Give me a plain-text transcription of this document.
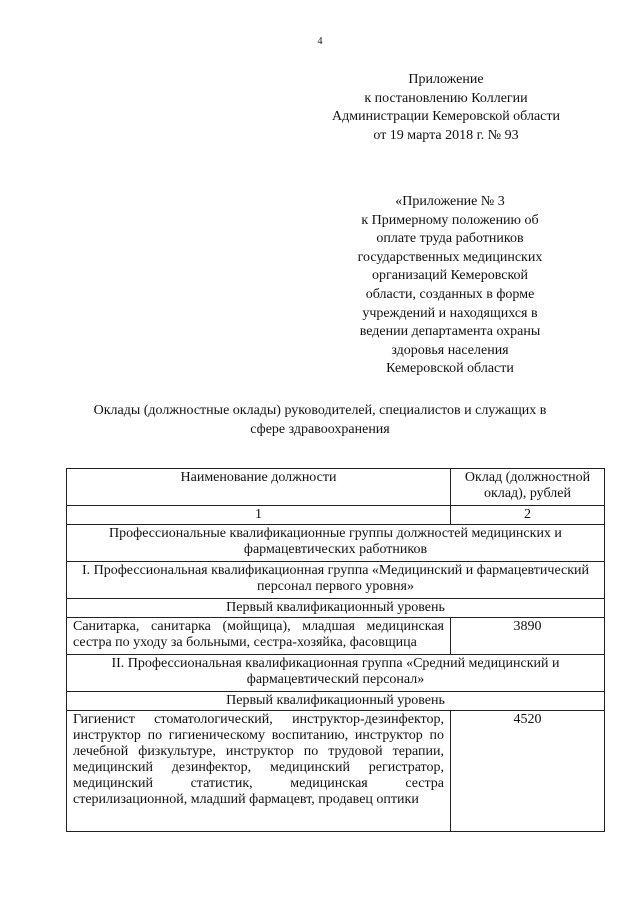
4
Приложение
к постановлению Коллегии
Администрации Кемеровской области
от 19 марта 2018 г. № 93
«Приложение № 3
к Примерному положению об
оплате труда работников
государственных медицинских
организаций Кемеровской
области, созданных в форме
учреждений и находящихся в
ведении департамента охраны
здоровья населения
Кемеровской области
Оклады (должностные оклады) руководителей, специалистов и служащих в
сфере здравоохранения
Наименование должности	Оклад (должностной оклад), рублей
1	2
Профессиональные квалификационные группы должностей медицинских и фармацевтических работников	
I. Профессиональная квалификационная группа «Медицинский и фармацевтический персонал первого уровня»	
Первый квалификационный уровень	
Санитарка, санитарка (мойщица), младшая медицинская сестра по уходу за больными, сестра-хозяйка, фасовщица	3890
II. Профессиональная квалификационная группа «Средний медицинский и фармацевтический персонал»	
Первый квалификационный уровень	
Гигиенист стоматологический, инструктор-дезинфектор, инструктор по гигиеническому воспитанию, инструктор по лечебной физкультуре, инструктор по трудовой терапии, медицинский дезинфектор, медицинский регистратор, медицинский статистик, медицинская сестра стерилизационной, младший фармацевт, продавец оптики	4520
